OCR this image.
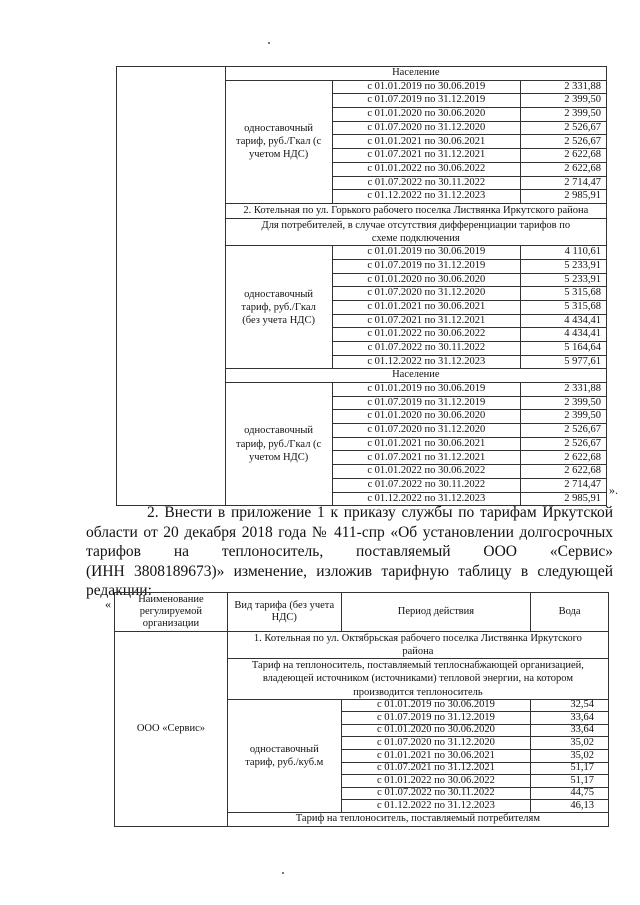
	Население		
	одноставочный тариф, руб./Гкал (с учетом НДС)	с 01.01.2019 по 30.06.2019	2 331,88
		с 01.07.2019 по 31.12.2019	2 399,50
		с 01.01.2020 по 30.06.2020	2 399,50
		с 01.07.2020 по 31.12.2020	2 526,67
		с 01.01.2021 по 30.06.2021	2 526,67
		с 01.07.2021 по 31.12.2021	2 622,68
		с 01.01.2022 по 30.06.2022	2 622,68
		с 01.07.2022 по 30.11.2022	2 714,47
		с 01.12.2022 по 31.12.2023	2 985,91
	2. Котельная по ул. Горького рабочего поселка Листвянка Иркутского района		
	Для потребителей, в случае отсутствия дифференциации тарифов по схеме подключения		
	одноставочный тариф, руб./Гкал (без учета НДС)	с 01.01.2019 по 30.06.2019	4 110,61
		с 01.07.2019 по 31.12.2019	5 233,91
		с 01.01.2020 по 30.06.2020	5 233,91
		с 01.07.2020 по 31.12.2020	5 315,68
		с 01.01.2021 по 30.06.2021	5 315,68
		с 01.07.2021 по 31.12.2021	4 434,41
		с 01.01.2022 по 30.06.2022	4 434,41
		с 01.07.2022 по 30.11.2022	5 164,64
		с 01.12.2022 по 31.12.2023	5 977,61
	Население		
	одноставочный тариф, руб./Гкал (с учетом НДС)	с 01.01.2019 по 30.06.2019	2 331,88
		с 01.07.2019 по 31.12.2019	2 399,50
		с 01.01.2020 по 30.06.2020	2 399,50
		с 01.07.2020 по 31.12.2020	2 526,67
		с 01.01.2021 по 30.06.2021	2 526,67
		с 01.07.2021 по 31.12.2021	2 622,68
		с 01.01.2022 по 30.06.2022	2 622,68
		с 01.07.2022 по 30.11.2022	2 714,47
		с 01.12.2022 по 31.12.2023	2 985,91
».
2. Внести в приложение 1 к приказу службы по тарифам Иркутской
области от 20 декабря 2018 года № 411-спр «Об установлении долгосрочных
тарифов на теплоноситель, поставляемый ООО «Сервис»
(ИНН 3808189673)» изменение, изложив тарифную таблицу в следующей
редакции:
«	Наименование регулируемой организации	Вид тарифа (без учета НДС)	Период действия	Вода
ООО «Сервис»	1. Котельная по ул. Октябрьская рабочего поселка Листвянка Иркутского района		
	Тариф на теплоноситель, поставляемый теплоснабжающей организацией, владеющей источником (источниками) тепловой энергии, на котором производится теплоноситель		
	одноставочный тариф, руб./куб.м	с 01.01.2019 по 30.06.2019	32,54
		с 01.07.2019 по 31.12.2019	33,64
		с 01.01.2020 по 30.06.2020	33,64
		с 01.07.2020 по 31.12.2020	35,02
		с 01.01.2021 по 30.06.2021	35,02
		с 01.07.2021 по 31.12.2021	51,17
		с 01.01.2022 по 30.06.2022	51,17
		с 01.07.2022 по 30.11.2022	44,75
		с 01.12.2022 по 31.12.2023	46,13
	Тариф на теплоноситель, поставляемый потребителям		
